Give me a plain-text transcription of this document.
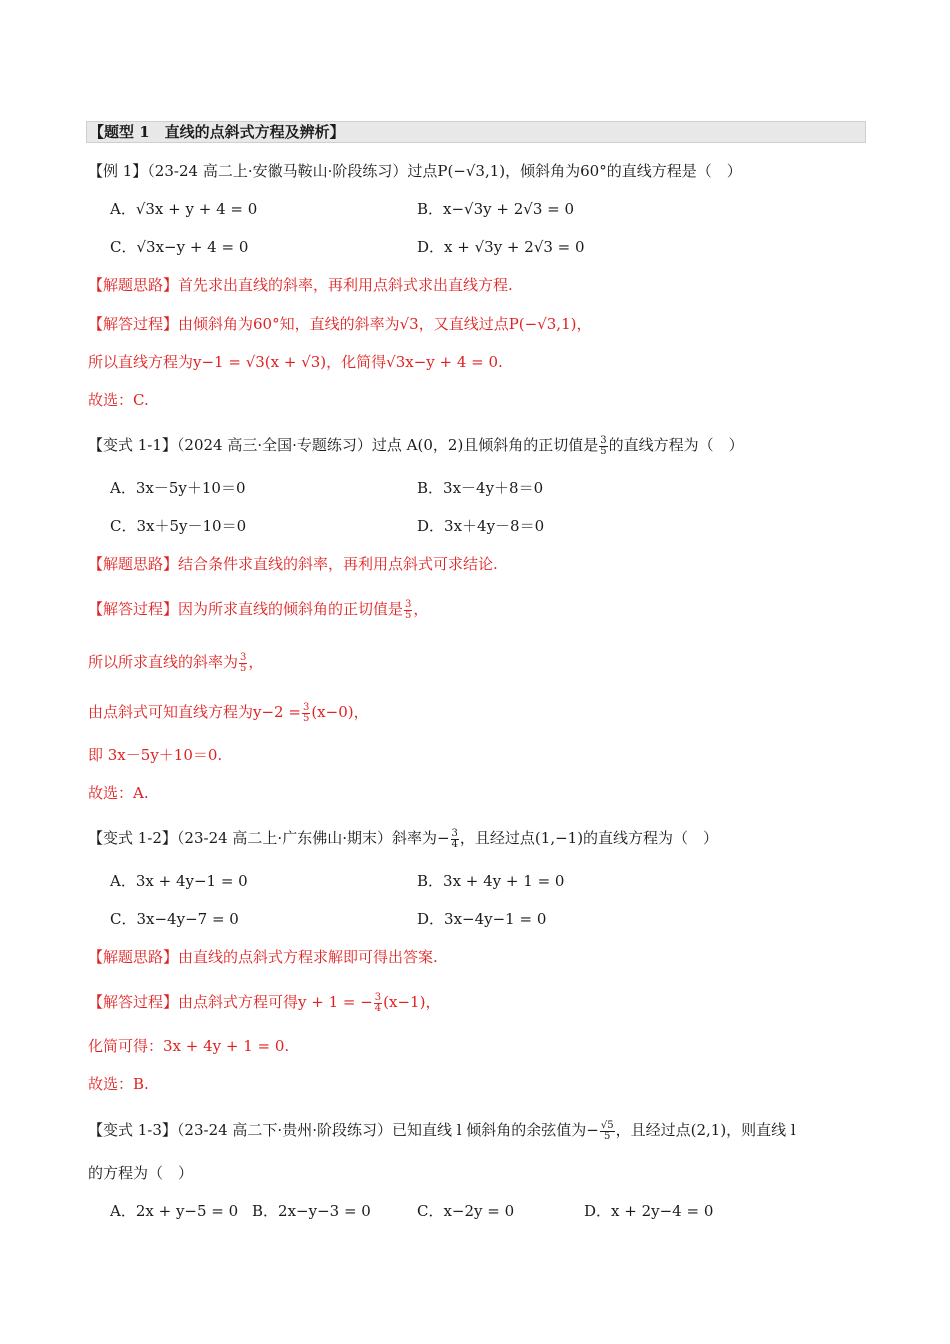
【题型 1　直线的点斜式方程及辨析】
【例 1】（23-24 高二上·安徽马鞍山·阶段练习）过点P(−√3,1)，倾斜角为60°的直线方程是（　）
A．√3x + y + 4 = 0	B．x−√3y + 2√3 = 0
C．√3x−y + 4 = 0	D．x + √3y + 2√3 = 0
【解题思路】首先求出直线的斜率，再利用点斜式求出直线方程.
【解答过程】由倾斜角为60°知，直线的斜率为√3，又直线过点P(−√3,1)，
所以直线方程为y−1 = √3(x + √3)，化简得√3x−y + 4 = 0.
故选：C.
【变式 1-1】（2024 高三·全国·专题练习）过点 A(0，2)且倾斜角的正切值是 $\frac{3}{5}$ 的直线方程为（　）
A．3x－5y＋10＝0	B．3x－4y＋8＝0
C．3x＋5y－10＝0	D．3x＋4y－8＝0
【解题思路】结合条件求直线的斜率，再利用点斜式可求结论.
【解答过程】因为所求直线的倾斜角的正切值是 $\frac{3}{5}$ ，
所以所求直线的斜率为 $\frac{3}{5}$ ，
由点斜式可知直线方程为$y-2 = \frac{3}{5} (x-0)$，
即 3x－5y＋10＝0.
故选：A.
【变式 1-2】（23-24 高二上·广东佛山·期末）斜率为− $\frac{3}{4}$ ，且经过点(1,−1)的直线方程为（　）
A．3x + 4y−1 = 0	B．3x + 4y + 1 = 0
C．3x−4y−7 = 0	D．3x−4y−1 = 0
【解题思路】由直线的点斜式方程求解即可得出答案.
【解答过程】由点斜式方程可得y + 1 = − $\frac{3}{4} (x-1)$，
化简可得：3x + 4y + 1 = 0.
故选：B.
【变式 1-3】（23-24 高二下·贵州·阶段练习）已知直线 l 倾斜角的余弦值为− $\frac{√5}{5}$ ，且经过点(2,1)，则直线 l
的方程为（　）
A．2x + y−5 = 0 B．2x−y−3 = 0	C．x−2y = 0	D．x + 2y−4 = 0
